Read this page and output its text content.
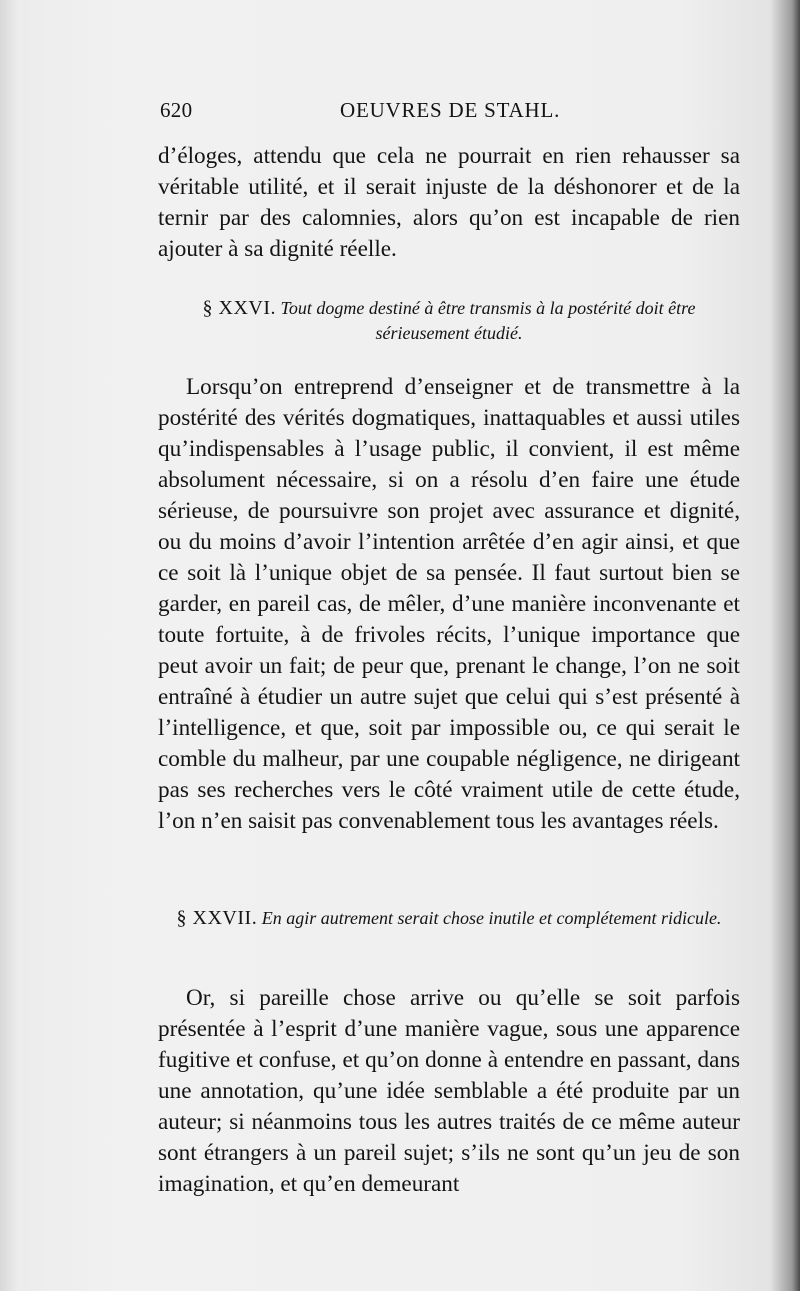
620	OEUVRES DE STAHL.

d’éloges, attendu que cela ne pourrait en rien rehausser sa véritable utilité, et il serait injuste de la déshonorer et de la ternir par des calomnies, alors qu’on est incapable de rien ajouter à sa dignité réelle.

§ XXVI. Tout dogme destiné à être transmis à la postérité doit être sérieusement étudié.

Lorsqu’on entreprend d’enseigner et de transmettre à la postérité des vérités dogmatiques, inattaquables et aussi utiles qu’indispensables à l’usage public, il convient, il est même absolument nécessaire, si on a résolu d’en faire une étude sérieuse, de poursuivre son projet avec assurance et dignité, ou du moins d’avoir l’intention arrêtée d’en agir ainsi, et que ce soit là l’unique objet de sa pensée. Il faut surtout bien se garder, en pareil cas, de mêler, d’une manière inconvenante et toute fortuite, à de frivoles récits, l’unique importance que peut avoir un fait; de peur que, prenant le change, l’on ne soit entraîné à étudier un autre sujet que celui qui s’est présenté à l’intelligence, et que, soit par impossible ou, ce qui serait le comble du malheur, par une coupable négligence, ne dirigeant pas ses recherches vers le côté vraiment utile de cette étude, l’on n’en saisit pas convenablement tous les avantages réels.

§ XXVII. En agir autrement serait chose inutile et complétement ridicule.

Or, si pareille chose arrive ou qu’elle se soit parfois présentée à l’esprit d’une manière vague, sous une apparence fugitive et confuse, et qu’on donne à entendre en passant, dans une annotation, qu’une idée semblable a été produite par un auteur; si néanmoins tous les autres traités de ce même auteur sont étrangers à un pareil sujet; s’ils ne sont qu’un jeu de son imagination, et qu’en demeurant
